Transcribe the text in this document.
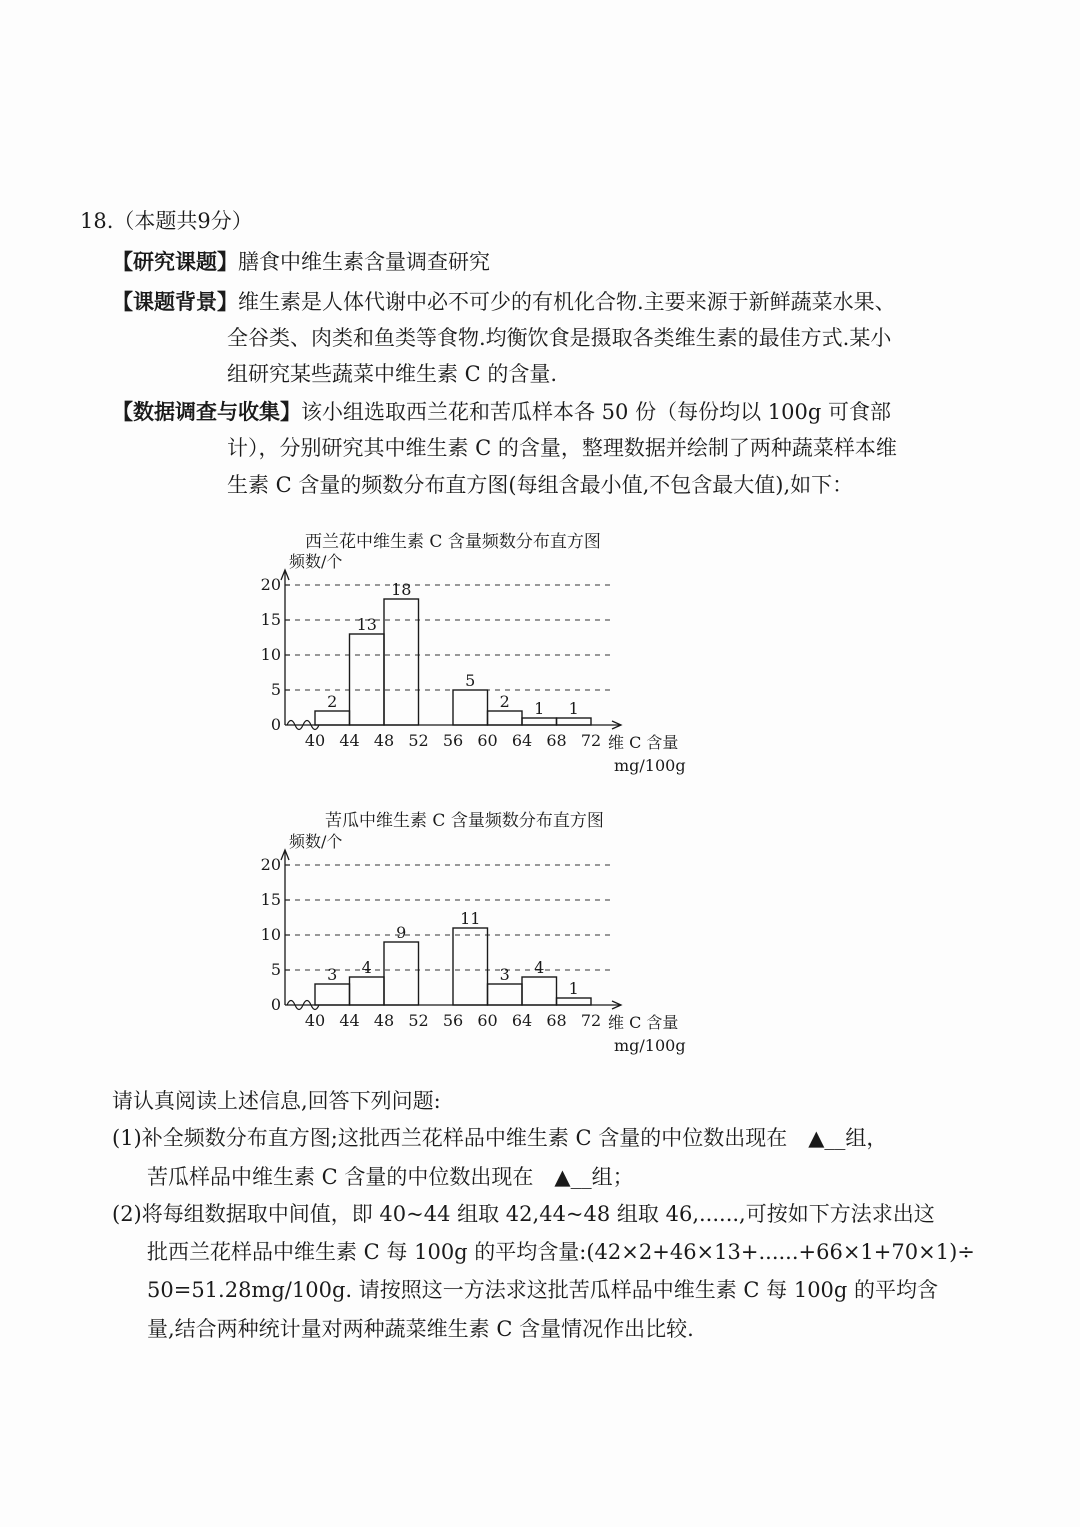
18.（本题共9分）
【研究课题】膳食中维生素含量调查研究
【课题背景】维生素是人体代谢中必不可少的有机化合物.主要来源于新鲜蔬菜水果、
全谷类、肉类和鱼类等食物.均衡饮食是摄取各类维生素的最佳方式.某小
组研究某些蔬菜中维生素 C 的含量.
【数据调查与收集】该小组选取西兰花和苦瓜样本各 50 份（每份均以 100g 可食部
计），分别研究其中维生素 C 的含量，整理数据并绘制了两种蔬菜样本维
生素 C 含量的频数分布直方图(每组含最小值,不包含最大值),如下：
西兰花中维生素 C 含量频数分布直方图
频数/个
0
5
10
15
20
2
13
18
5
2 1 1
40 44 48 52 56 60 64 68 72 维 C 含量
mg/100g
苦瓜中维生素 C 含量频数分布直方图
频数/个
0
5
10
15
20
3 4
9
11
3 4
1
40 44 48 52 56 60 64 68 72 维 C 含量
mg/100g
请认真阅读上述信息,回答下列问题:
(1)补全频数分布直方图;这批西兰花样品中维生素 C 含量的中位数出现在　▲__组，
苦瓜样品中维生素 C 含量的中位数出现在　▲__组；
(2)将每组数据取中间值，即 40~44 组取 42,44~48 组取 46,......,可按如下方法求出这
批西兰花样品中维生素 C 每 100g 的平均含量:(42×2+46×13+......+66×1+70×1)÷
50=51.28mg/100g. 请按照这一方法求这批苦瓜样品中维生素 C 每 100g 的平均含
量,结合两种统计量对两种蔬菜维生素 C 含量情况作出比较.
